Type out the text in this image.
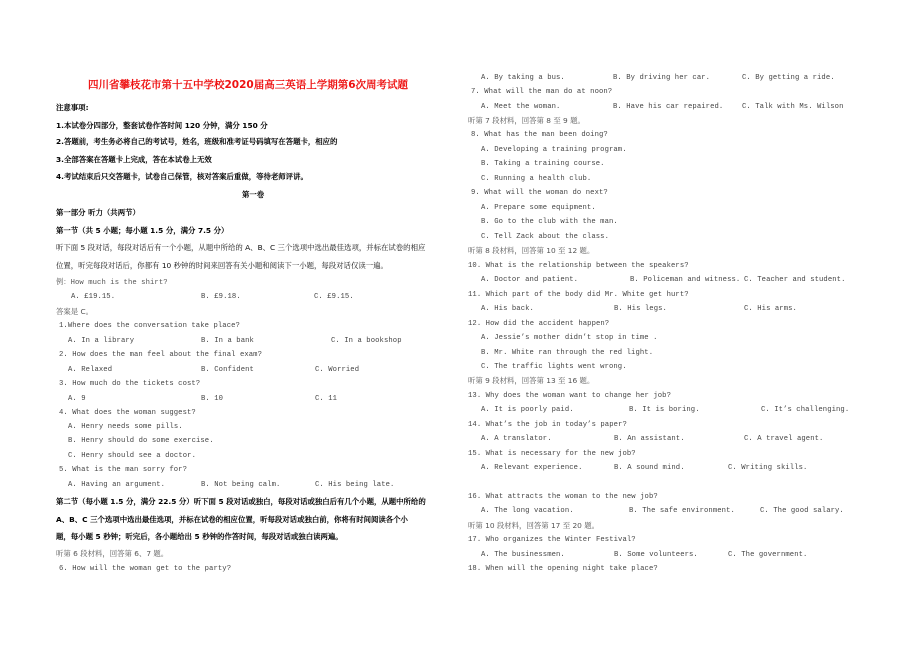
四川省攀枝花市第十五中学校2020届高三英语上学期第6次周考试题
注意事项:
1.本试卷分四部分，整套试卷作答时间 120 分钟，满分 150 分
2.答题前，考生务必将自己的考试号，姓名，班级和准考证号码填写在答题卡，相应的
3.全部答案在答题卡上完成，答在本试卷上无效
4.考试结束后只交答题卡，试卷自己保管，核对答案后重做，等待老师评讲。
第一卷
第一部分 听力（共两节）
第一节（共 5 小题；每小题 1.5 分，满分 7.5 分）
听下面 5 段对话，每段对话后有一个小题，从题中所给的 A、B、C 三个选项中选出最佳选项，并标在试卷的相应
位置，听完每段对话后，你都有 10 秒钟的时间来回答有关小题和阅读下一小题，每段对话仅读一遍。
例：How much is the shirt?
A. £19.15.	B. £9.18.	C. £9.15.
答案是 C。
1.Where does the conversation take place?
A. In a library	B. In a bank	C. In a bookshop
2. How does the man feel about the final exam?
A. Relaxed	B. Confident	C. Worried
3. How much do the tickets cost?
A. 9	B. 10	C. 11
4. What does the woman suggest?
A. Henry needs some pills.
B. Henry should do some exercise.
C. Henry should see a doctor.
5. What is the man sorry for?
A. Having an argument.	B. Not being calm.	C. His being late.
第二节（每小题 1.5 分，满分 22.5 分）听下面 5 段对话或独白，每段对话或独白后有几个小题，从题中所给的
A、B、C 三个选项中选出最佳选项，并标在试卷的相应位置，听每段对话或独白前，你将有时间阅读各个小
题，每小题 5 秒钟；听完后，各小题给出 5 秒钟的作答时间，每段对话或独白读两遍。
听第 6 段材料，回答第 6、7 题。
6. How will the woman get to the party?
A. By taking a bus.	B. By driving her car.	C. By getting a ride.
7. What will the man do at noon?
A. Meet the woman.	B. Have his car repaired.	C. Talk with Ms. Wilson
听第 7 段材料，回答第 8 至 9 题。
8. What has the man been doing?
A. Developing a training program.
B. Taking a training course.
C. Running a health club.
9. What will the woman do next?
A. Prepare some equipment.
B. Go to the club with the man.
C. Tell Zack about the class.
听第 8 段材料，回答第 10 至 12 题。
10. What is the relationship between the speakers?
A. Doctor and patient.	B. Policeman and witness. C. Teacher and student.
11. Which part of the body did Mr. White get hurt?
A. His back.	B. His legs.	C. His arms.
12. How did the accident happen?
A. Jessie’s mother didn’t stop in time .
B. Mr. White ran through the red light.
C. The traffic lights went wrong.
听第 9 段材料，回答第 13 至 16 题。
13. Why does the woman want to change her job?
A. It is poorly paid.	B. It is boring.	C. It’s challenging.
14. What’s the job in today’s paper?
A. A translator.	B. An assistant.	C. A travel agent.
15. What is necessary for the new job?
A. Relevant experience.	B. A sound mind.	C. Writing skills.
16. What attracts the woman to the new job?
A. The long vacation.	B. The safe environment.	C. The good salary.
听第 10 段材料，回答第 17 至 20 题。
17. Who organizes the Winter Festival?
A. The businessmen.	B. Some volunteers.	C. The government.
18. When will the opening night take place?
